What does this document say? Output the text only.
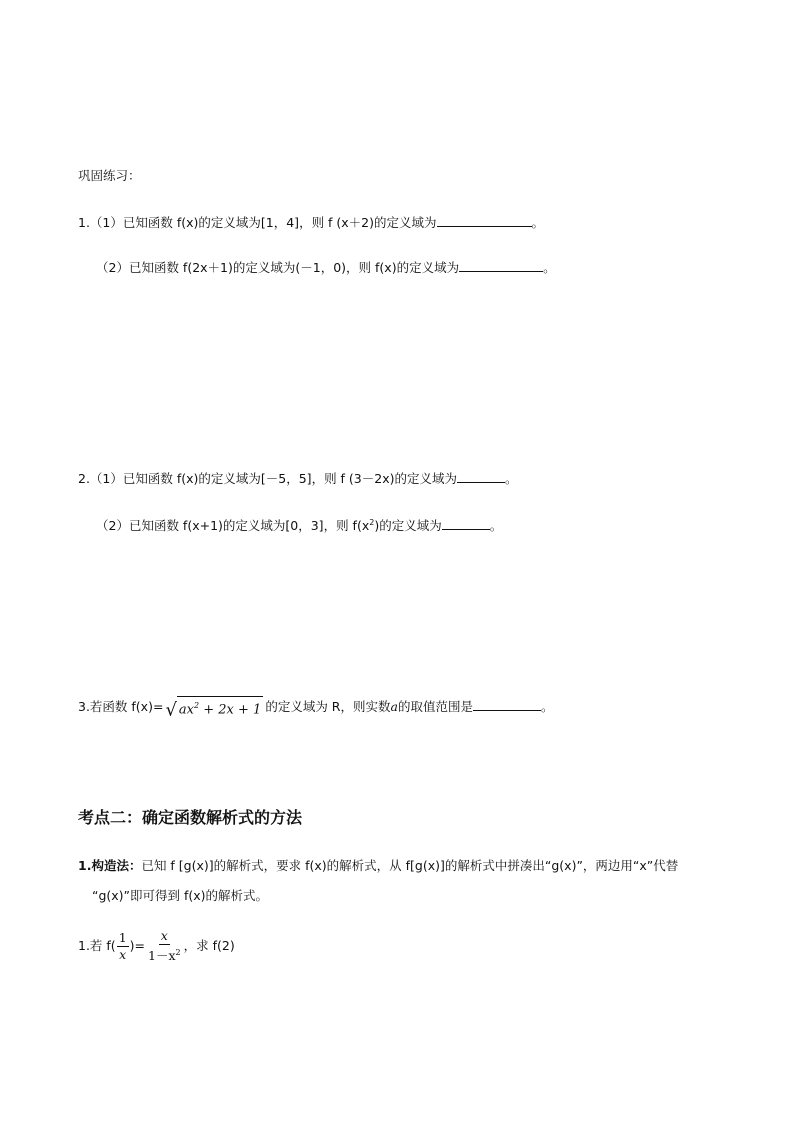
巩固练习：
1.（1）已知函数 f(x)的定义域为[1，4]，则 f (x＋2)的定义域为	。
（2）已知函数 f(2x＋1)的定义域为(－1，0)，则 f(x)的定义域为	。
2.（1）已知函数 f(x)的定义域为[－5，5]，则 f (3－2x)的定义域为	。
（2）已知函数 f(x+1)的定义域为[0，3]，则 $f(x^2)$的定义域为	。
3.若函数 f(x)= √ $ax^2 + 2x + 1$ 的定义域为 R，则实数a的取值范围是	。
考点二：确定函数解析式的方法
1.构造法：已知 f [g(x)]的解析式，要求 f(x)的解析式，从 f[g(x)]的解析式中拼凑出“g(x)”，两边用“x”代替
“g(x)”即可得到 f(x)的解析式。
1.若 $f( \frac{1}{x}$ )= $\frac{x}{1-x^2}$ ，求 f(2)
